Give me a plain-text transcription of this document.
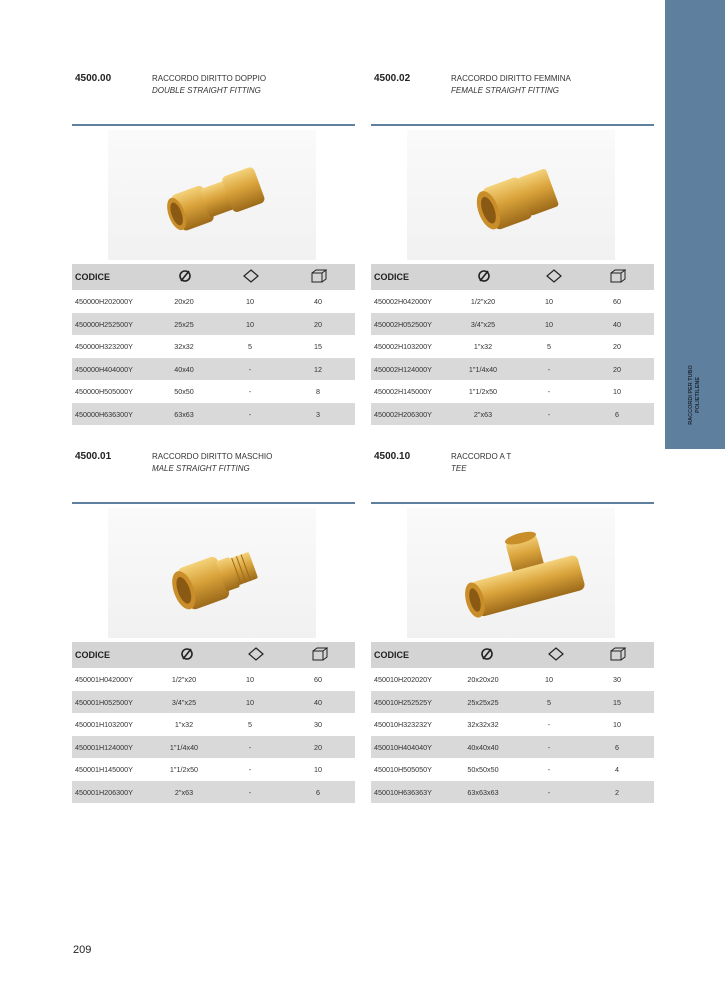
RACCORDI PER TUBO POLIETILENE
4500.00	RACCORDO DIRITTO DOPPIO
DOUBLE STRAIGHT FITTING
CODICE
450000H202000Y	20x20	10	40
450000H252500Y	25x25	10	20
450000H323200Y	32x32	5	15
450000H404000Y	40x40	-	12
450000H505000Y	50x50	-	8
450000H636300Y	63x63	-	3
4500.02	RACCORDO DIRITTO FEMMINA
FEMALE STRAIGHT FITTING
CODICE
450002H042000Y	1/2"x20	10	60
450002H052500Y	3/4"x25	10	40
450002H103200Y	1"x32	5	20
450002H124000Y	1"1/4x40	-	20
450002H145000Y	1"1/2x50	-	10
450002H206300Y	2"x63	-	6
4500.01	RACCORDO DIRITTO MASCHIO
MALE STRAIGHT FITTING
CODICE
450001H042000Y	1/2"x20	10	60
450001H052500Y	3/4"x25	10	40
450001H103200Y	1"x32	5	30
450001H124000Y	1"1/4x40	-	20
450001H145000Y	1"1/2x50	-	10
450001H206300Y	2"x63	-	6
4500.10	RACCORDO A T
TEE
CODICE
450010H202020Y	20x20x20	10	30
450010H252525Y	25x25x25	5	15
450010H323232Y	32x32x32	-	10
450010H404040Y	40x40x40	-	6
450010H505050Y	50x50x50	-	4
450010H636363Y	63x63x63	-	2
209
